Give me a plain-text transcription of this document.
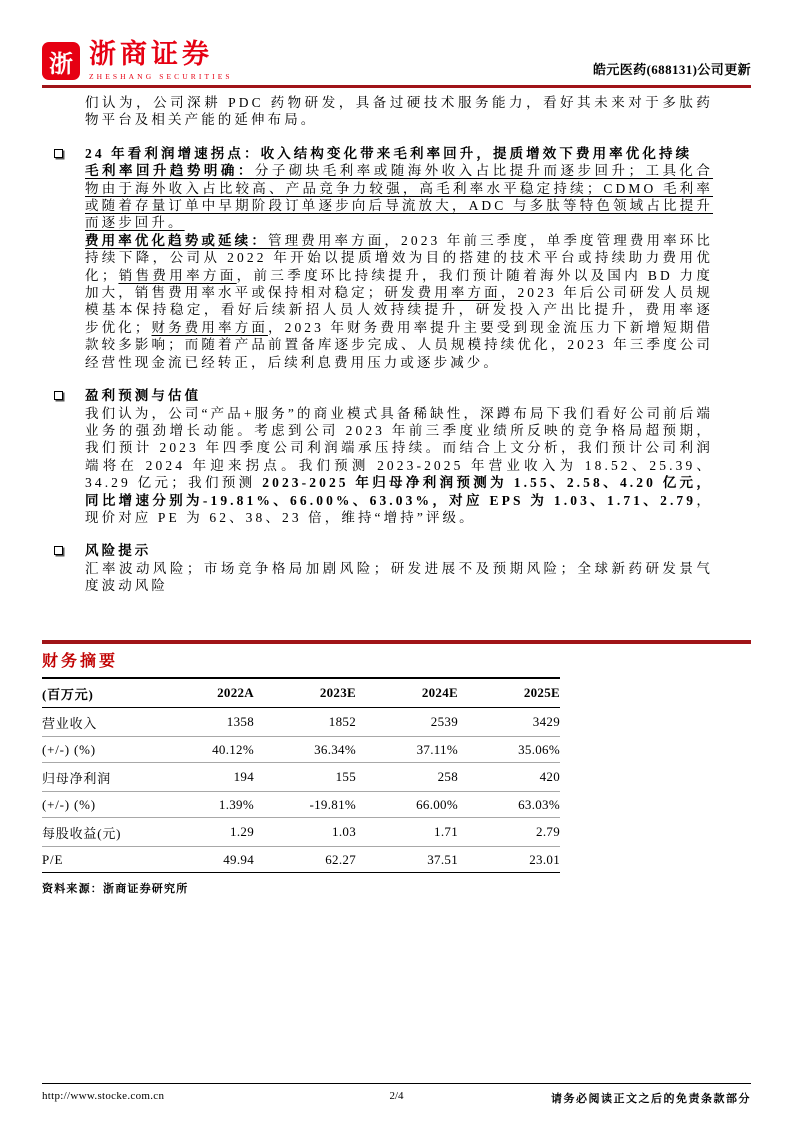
浙 浙商证券
ZHESHANG SECURITIES	皓元医药(688131)公司更新

们认为，公司深耕 PDC 药物研发，具备过硬技术服务能力，看好其未来对于多肽药物平台及相关产能的延伸布局。

24 年看利润增速拐点：收入结构变化带来毛利率回升，提质增效下费用率优化持续

毛利率回升趋势明确：分子砌块毛利率或随海外收入占比提升而逐步回升；工具化合物由于海外收入占比较高、产品竞争力较强，高毛利率水平稳定持续；CDMO 毛利率或随着存量订单中早期阶段订单逐步向后导流放大，ADC 与多肽等特色领域占比提升而逐步回升。

费用率优化趋势或延续：管理费用率方面，2023 年前三季度，单季度管理费用率环比持续下降，公司从 2022 年开始以提质增效为目的搭建的技术平台或持续助力费用优化；销售费用率方面，前三季度环比持续提升，我们预计随着海外以及国内 BD 力度加大，销售费用率水平或保持相对稳定；研发费用率方面，2023 年后公司研发人员规模基本保持稳定，看好后续新招人员人效持续提升，研发投入产出比提升，费用率逐步优化；财务费用率方面，2023 年财务费用率提升主要受到现金流压力下新增短期借款较多影响；而随着产品前置备库逐步完成、人员规模持续优化，2023 年三季度公司经营性现金流已经转正，后续利息费用压力或逐步减少。

盈利预测与估值

我们认为，公司“产品+服务”的商业模式具备稀缺性，深蹲布局下我们看好公司前后端业务的强劲增长动能。考虑到公司 2023 年前三季度业绩所反映的竞争格局超预期，我们预计 2023 年四季度公司利润端承压持续。而结合上文分析，我们预计公司利润端将在 2024 年迎来拐点。我们预测 2023-2025 年营业收入为 18.52、25.39、34.29 亿元；我们预测 2023-2025 年归母净利润预测为 1.55、2.58、4.20 亿元，同比增速分别为-19.81%、66.00%、63.03%，对应 EPS 为 1.03、1.71、2.79，现价对应 PE 为 62、38、23 倍，维持“增持”评级。

风险提示

汇率波动风险；市场竞争格局加剧风险；研发进展不及预期风险；全球新药研发景气度波动风险

财务摘要
(百万元)	2022A	2023E	2024E	2025E
营业收入	1358	1852	2539	3429
(+/-) (%)	40.12%	36.34%	37.11%	35.06%
归母净利润	194	155	258	420
(+/-) (%)	1.39%	-19.81%	66.00%	63.03%
每股收益(元)	1.29	1.03	1.71	2.79
P/E	49.94	62.27	37.51	23.01
资料来源：浙商证券研究所
http://www.stocke.com.cn	2/4	请务必阅读正文之后的免责条款部分
